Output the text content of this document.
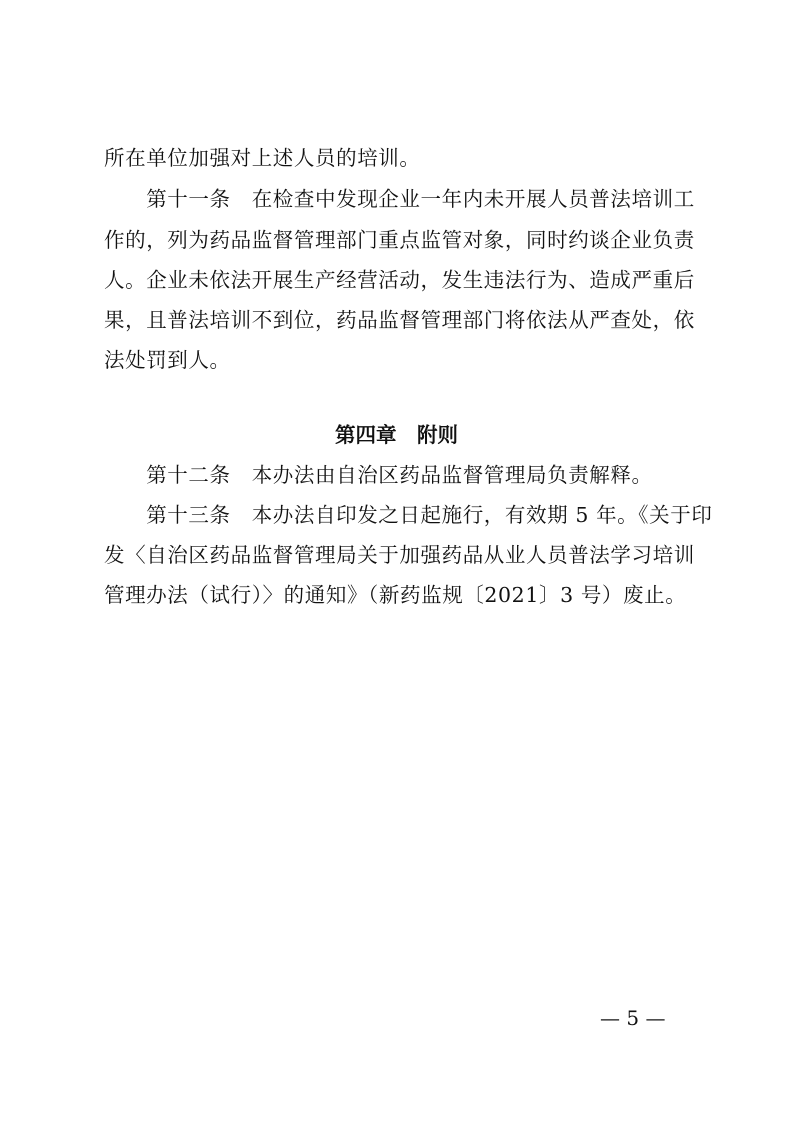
所在单位加强对上述人员的培训。
　　第十一条　在检查中发现企业一年内未开展人员普法培训工
作的，列为药品监督管理部门重点监管对象，同时约谈企业负责
人。企业未依法开展生产经营活动，发生违法行为、造成严重后
果，且普法培训不到位，药品监督管理部门将依法从严查处，依
法处罚到人。
第四章　附则
　　第十二条　本办法由自治区药品监督管理局负责解释。
　　第十三条　本办法自印发之日起施行，有效期 5 年。《关于印
发〈自治区药品监督管理局关于加强药品从业人员普法学习培训
管理办法（试行）〉的通知》（新药监规〔2021〕3 号）废止。
— 5 —
